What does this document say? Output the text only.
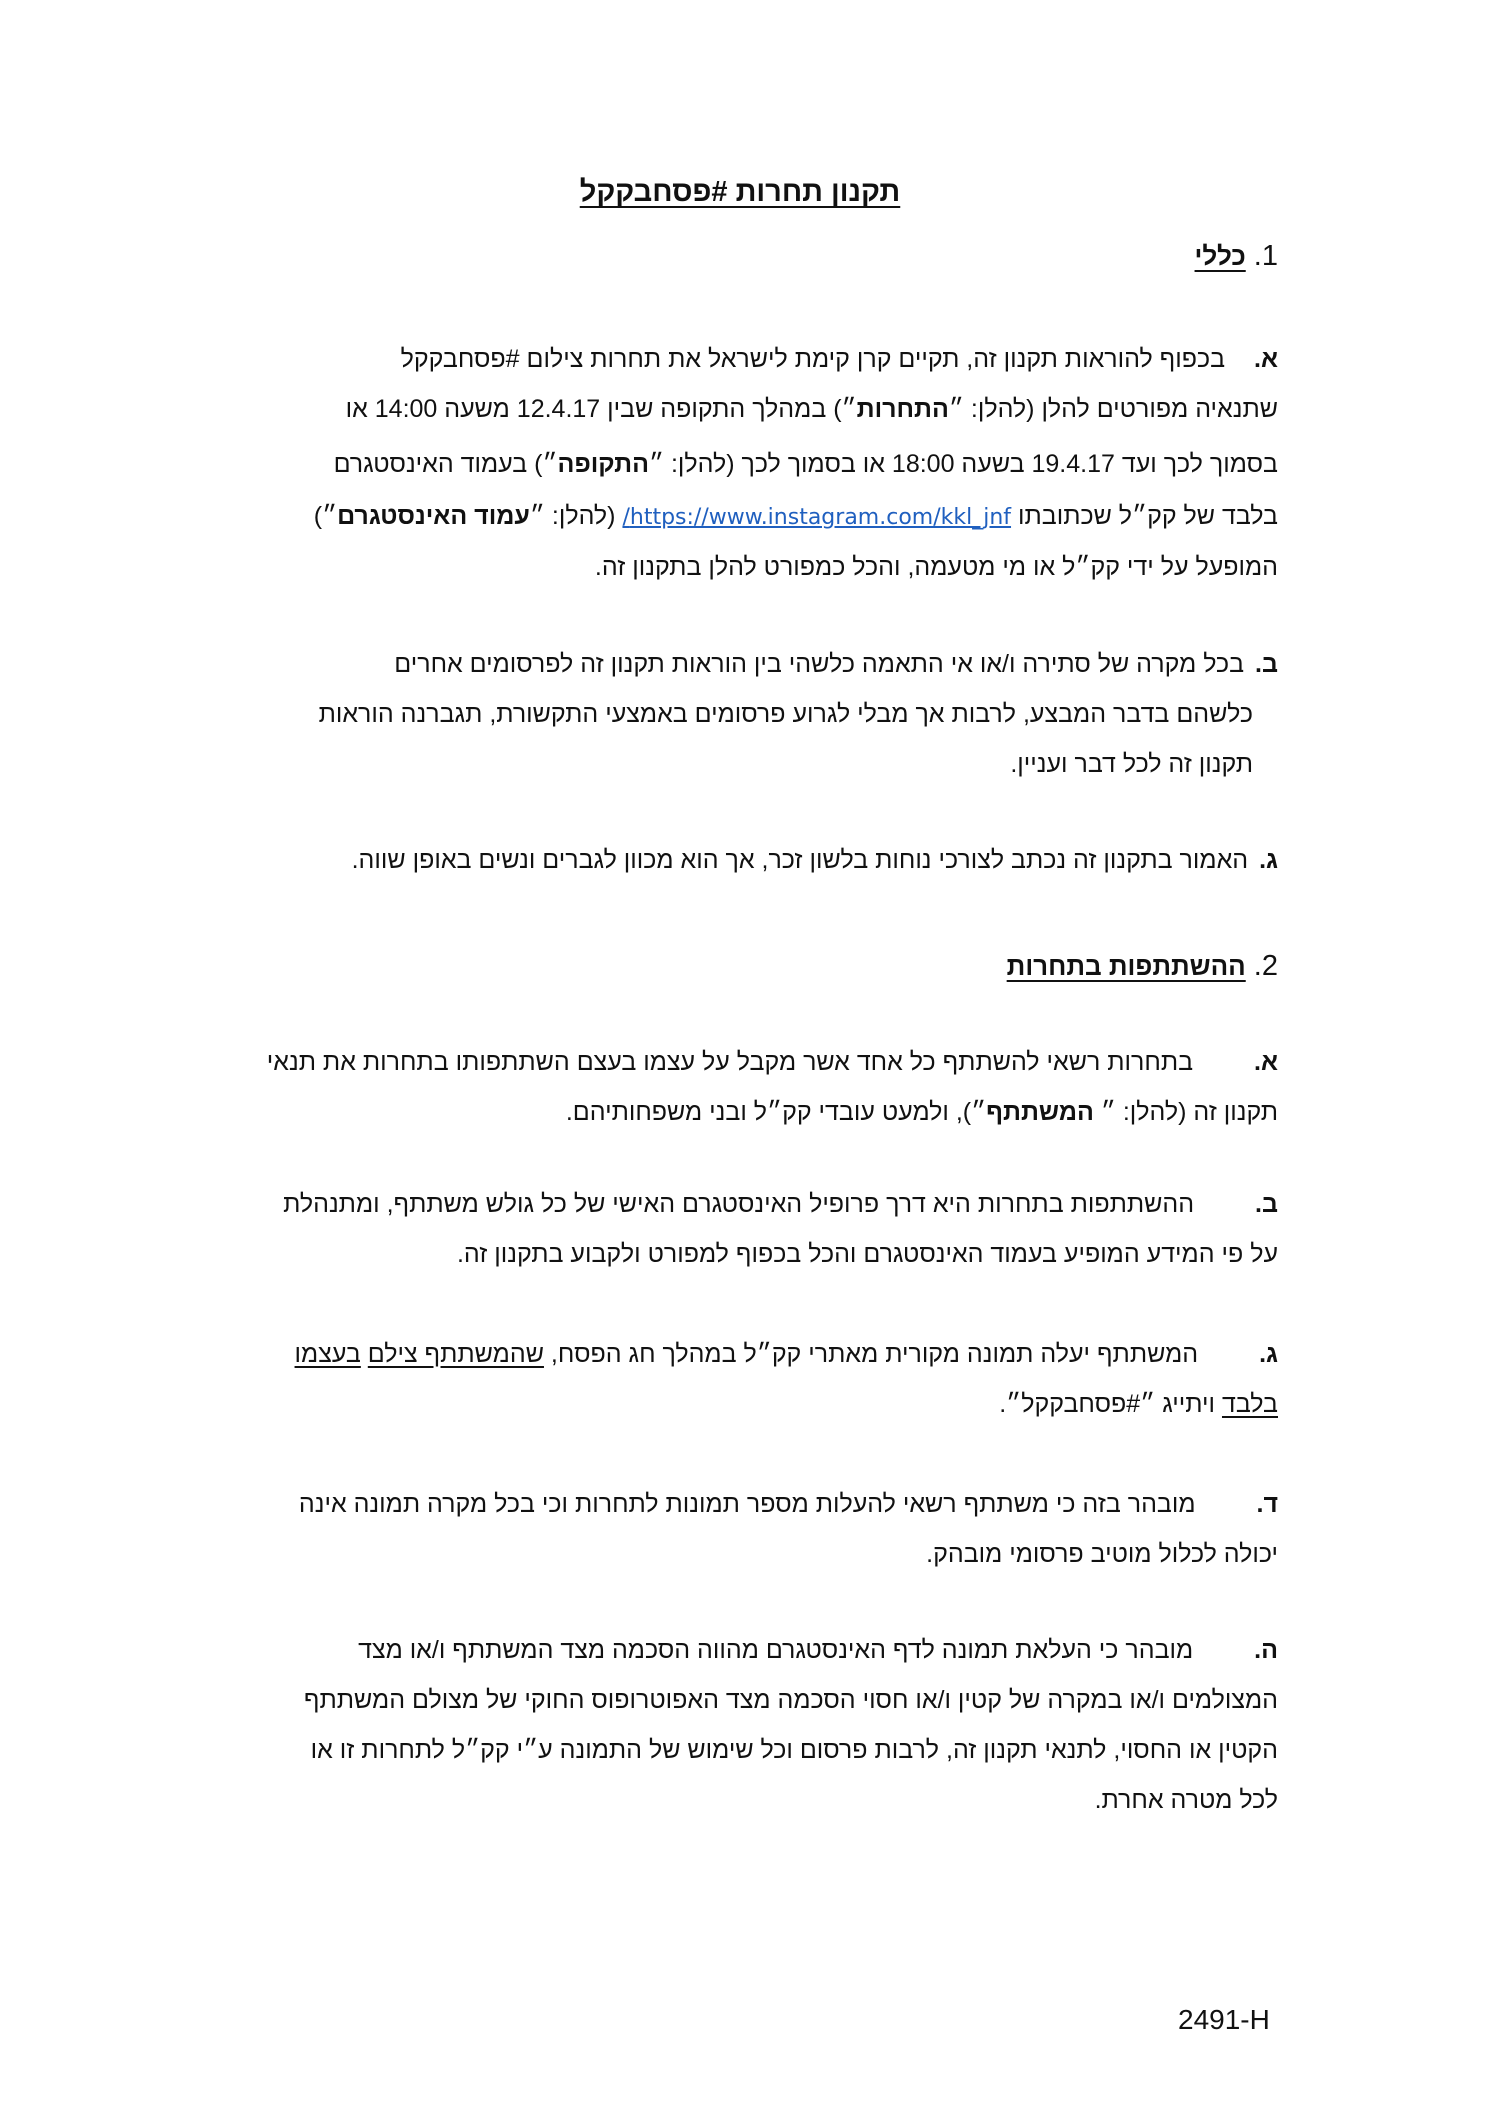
תקנון תחרות #פסחבקקל
1. כללי
א. בכפוף להוראות תקנון זה, תקיים קרן קימת לישראל את תחרות צילום #פסחבקקל
שתנאיה מפורטים להלן (להלן: ״התחרות״) במהלך התקופה שבין 12.4.17 משעה 14:00 או
בסמוך לכך ועד 19.4.17 בשעה 18:00 או בסמוך לכך (להלן: ״התקופה״) בעמוד האינסטגרם
בלבד של קק״ל שכתובתו https://www.instagram.com/kkl_jnf/ (להלן: ״עמוד האינסטגרם״)
המופעל על ידי קק״ל או מי מטעמה, והכל כמפורט להלן בתקנון זה.
ב. בכל מקרה של סתירה ו/או אי התאמה כלשהי בין הוראות תקנון זה לפרסומים אחרים
כלשהם בדבר המבצע, לרבות אך מבלי לגרוע פרסומים באמצעי התקשורת, תגברנה הוראות
תקנון זה לכל דבר ועניין.
ג. האמור בתקנון זה נכתב לצורכי נוחות בלשון זכר, אך הוא מכוון לגברים ונשים באופן שווה.
2. ההשתתפות בתחרות
א. בתחרות רשאי להשתתף כל אחד אשר מקבל על עצמו בעצם השתתפותו בתחרות את תנאי
תקנון זה (להלן: ״ המשתתף״), ולמעט עובדי קק״ל ובני משפחותיהם.
ב. ההשתתפות בתחרות היא דרך פרופיל האינסטגרם האישי של כל גולש משתתף, ומתנהלת
על פי המידע המופיע בעמוד האינסטגרם והכל בכפוף למפורט ולקבוע בתקנון זה.
ג. המשתתף יעלה תמונה מקורית מאתרי קק״ל במהלך חג הפסח, שהמשתתף צילם בעצמו
בלבד ויתייג ״#פסחבקקל״.
ד. מובהר בזה כי משתתף רשאי להעלות מספר תמונות לתחרות וכי בכל מקרה תמונה אינה
יכולה לכלול מוטיב פרסומי מובהק.
ה. מובהר כי העלאת תמונה לדף האינסטגרם מהווה הסכמה מצד המשתתף ו/או מצד
המצולמים ו/או במקרה של קטין ו/או חסוי הסכמה מצד האפוטרופוס החוקי של מצולם המשתתף
הקטין או החסוי, לתנאי תקנון זה, לרבות פרסום וכל שימוש של התמונה ע״י קק״ל לתחרות זו או
לכל מטרה אחרת.
2491-H
